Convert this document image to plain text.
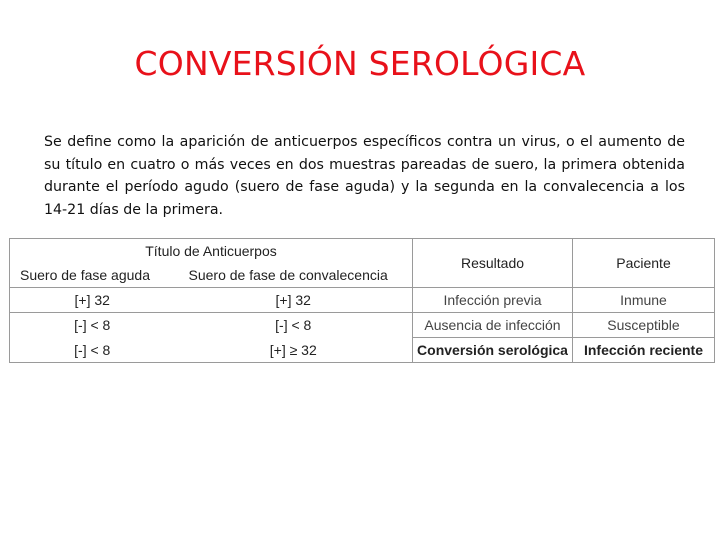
CONVERSIÓN SEROLÓGICA

Se define como la aparición de anticuerpos específicos contra un virus, o el aumento de su título en cuatro o más veces en dos muestras pareadas de suero, la primera obtenida durante el período agudo (suero de fase aguda) y la segunda en la convalecencia a los 14-21 días de la primera.

Título de Anticuerpos		Resultado	Paciente
Suero de fase aguda	Suero de fase de convalecencia		
[+] 32	[+] 32	Infección previa	Inmune
[-] < 8	[-] < 8	Ausencia de infección	Susceptible
[-] < 8	[+] ≥ 32	Conversión serológica	Infección reciente
